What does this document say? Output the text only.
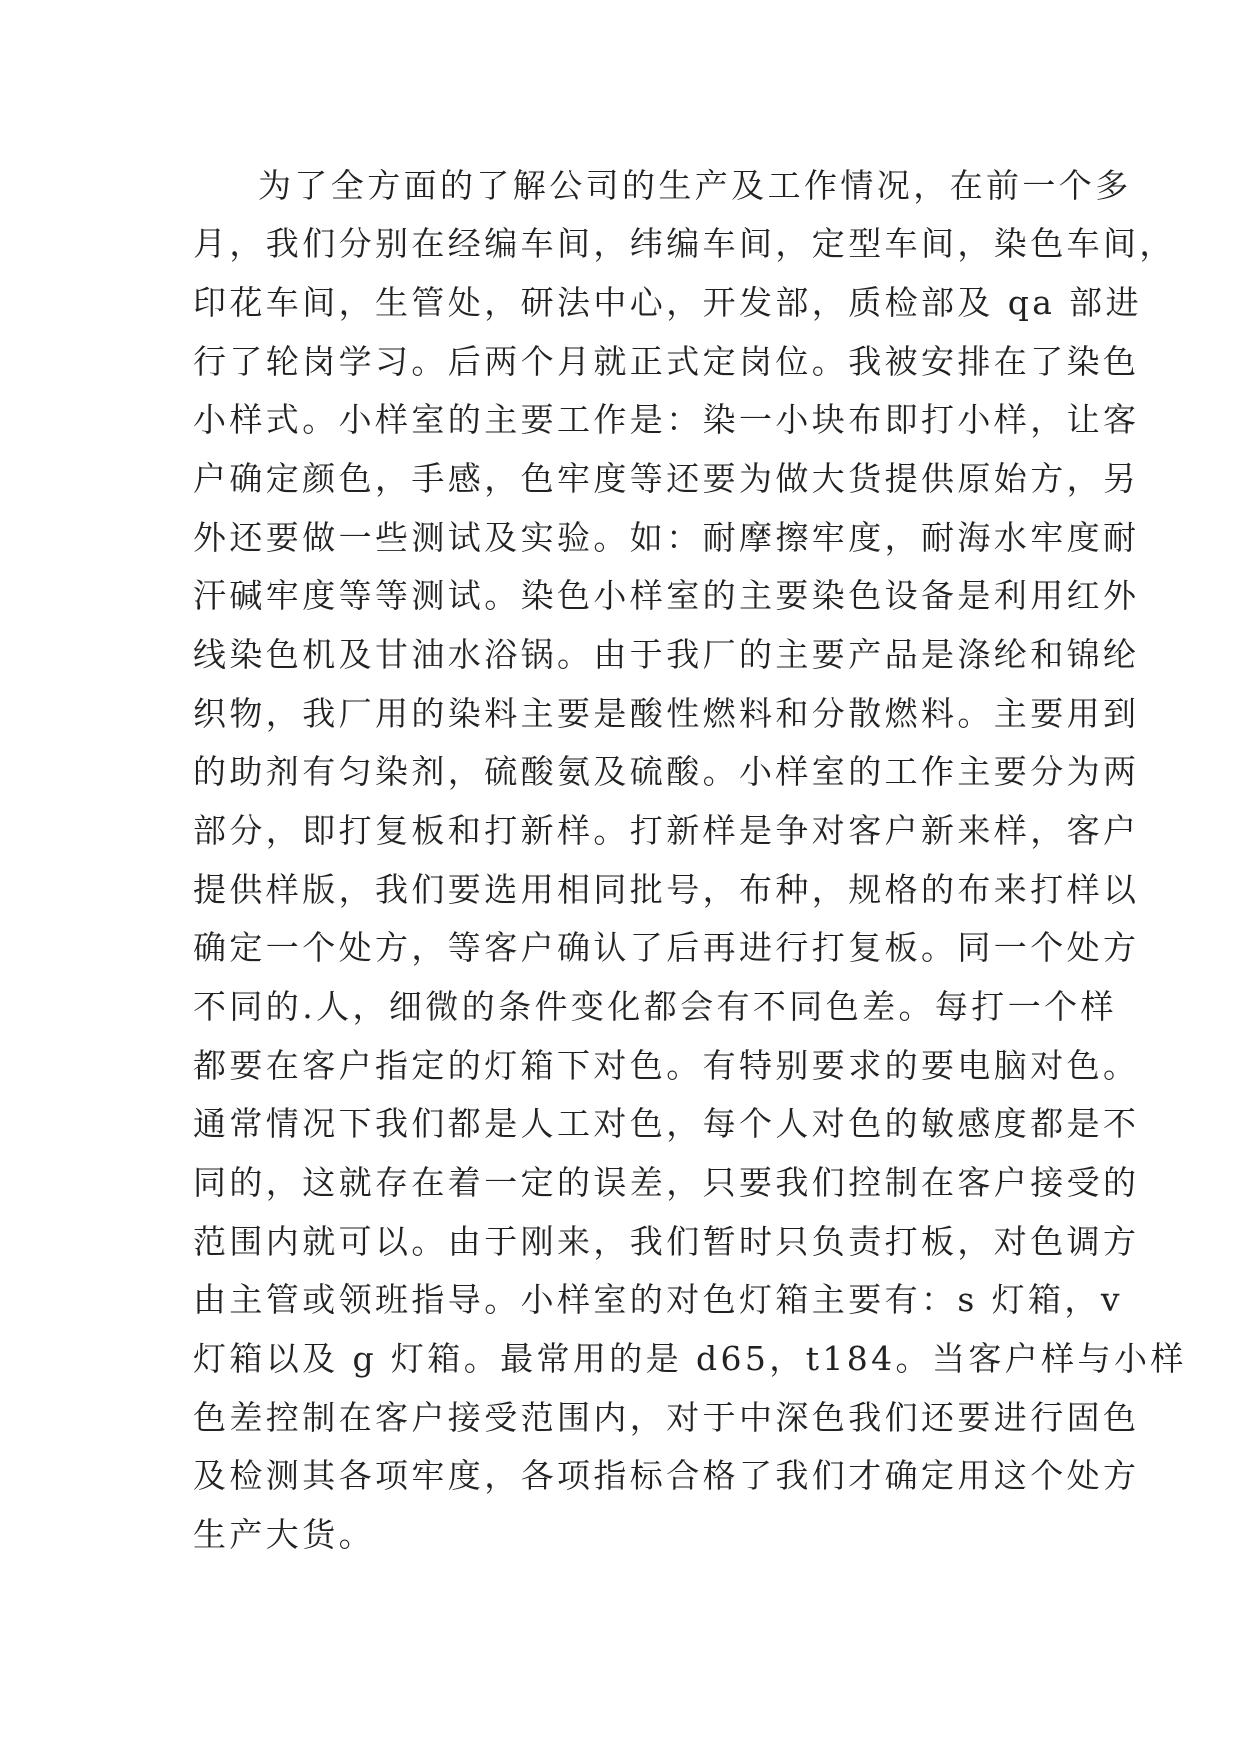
为了全方面的了解公司的生产及工作情况，在前一个多
月，我们分别在经编车间，纬编车间，定型车间，染色车间，
印花车间，生管处，研法中心，开发部，质检部及 qa 部进
行了轮岗学习。后两个月就正式定岗位。我被安排在了染色
小样式。小样室的主要工作是：染一小块布即打小样，让客
户确定颜色，手感，色牢度等还要为做大货提供原始方，另
外还要做一些测试及实验。如：耐摩擦牢度，耐海水牢度耐
汗碱牢度等等测试。染色小样室的主要染色设备是利用红外
线染色机及甘油水浴锅。由于我厂的主要产品是涤纶和锦纶
织物，我厂用的染料主要是酸性燃料和分散燃料。主要用到
的助剂有匀染剂，硫酸氨及硫酸。小样室的工作主要分为两
部分，即打复板和打新样。打新样是争对客户新来样，客户
提供样版，我们要选用相同批号，布种，规格的布来打样以
确定一个处方，等客户确认了后再进行打复板。同一个处方
不同的.人，细微的条件变化都会有不同色差。每打一个样
都要在客户指定的灯箱下对色。有特别要求的要电脑对色。
通常情况下我们都是人工对色，每个人对色的敏感度都是不
同的，这就存在着一定的误差，只要我们控制在客户接受的
范围内就可以。由于刚来，我们暂时只负责打板，对色调方
由主管或领班指导。小样室的对色灯箱主要有：s 灯箱，v
灯箱以及 g 灯箱。最常用的是 d65，t184。当客户样与小样
色差控制在客户接受范围内，对于中深色我们还要进行固色
及检测其各项牢度，各项指标合格了我们才确定用这个处方
生产大货。
